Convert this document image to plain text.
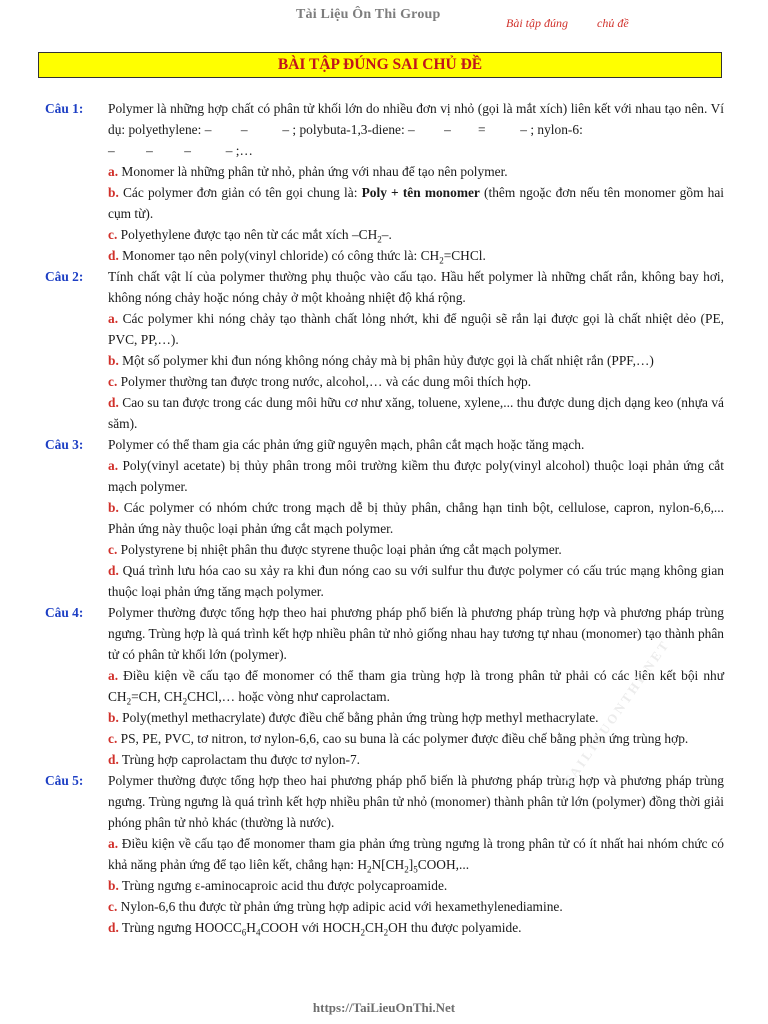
Tài Liệu Ôn Thi Group
Bài tập đúng chủ đề
BÀI TẬP ĐÚNG SAI CHỦ ĐỀ
Câu 1: Polymer là những hợp chất có phân tử khối lớn do nhiều đơn vị nhỏ (gọi là mắt xích) liên kết với nhau tạo nên. Ví dụ: polyethylene: –       –        – ; polybuta-1,3-diene: –       –      =        – ; nylon-6:
–       –       –        – ;…
a. Monomer là những phân tử nhỏ, phản ứng với nhau để tạo nên polymer.
b. Các polymer đơn giản có tên gọi chung là: Poly + tên monomer (thêm ngoặc đơn nếu tên monomer gồm hai cụm từ).
c. Polyethylene được tạo nên từ các mắt xích $-CH_2-$.
d. Monomer tạo nên poly(vinyl chloride) có công thức là: $CH_2=CHCl$.
Câu 2: Tính chất vật lí của polymer thường phụ thuộc vào cấu tạo. Hầu hết polymer là những chất rắn, không bay hơi, không nóng chảy hoặc nóng chảy ở một khoảng nhiệt độ khá rộng.
a. Các polymer khi nóng chảy tạo thành chất lỏng nhớt, khi để nguội sẽ rắn lại được gọi là chất nhiệt dẻo (PE, PVC, PP,…).
b. Một số polymer khi đun nóng không nóng chảy mà bị phân hủy được gọi là chất nhiệt rắn (PPF,…)
c. Polymer thường tan được trong nước, alcohol,… và các dung môi thích hợp.
d. Cao su tan được trong các dung môi hữu cơ như xăng, toluene, xylene,... thu được dung dịch dạng keo (nhựa vá săm).
Câu 3: Polymer có thể tham gia các phản ứng giữ nguyên mạch, phân cắt mạch hoặc tăng mạch.
a. Poly(vinyl acetate) bị thủy phân trong môi trường kiềm thu được poly(vinyl alcohol) thuộc loại phản ứng cắt mạch polymer.
b. Các polymer có nhóm chức trong mạch dễ bị thủy phân, chẳng hạn tinh bột, cellulose, capron, nylon-6,6,... Phản ứng này thuộc loại phản ứng cắt mạch polymer.
c. Polystyrene bị nhiệt phân thu được styrene thuộc loại phản ứng cắt mạch polymer.
d. Quá trình lưu hóa cao su xảy ra khi đun nóng cao su với sulfur thu được polymer có cấu trúc mạng không gian thuộc loại phản ứng tăng mạch polymer.
Câu 4: Polymer thường được tổng hợp theo hai phương pháp phổ biến là phương pháp trùng hợp và phương pháp trùng ngưng. Trùng hợp là quá trình kết hợp nhiều phân tử nhỏ giống nhau hay tương tự nhau (monomer) tạo thành phân tử có phân tử khối lớn (polymer).
a. Điều kiện về cấu tạo để monomer có thể tham gia trùng hợp là trong phân tử phải có các liên kết bội như $CH_2=CH$, $CH_2CHCl,\dots$ hoặc vòng như caprolactam.
b. Poly(methyl methacrylate) được điều chế bằng phản ứng trùng hợp methyl methacrylate.
c. PS, PE, PVC, tơ nitron, tơ nylon-6,6, cao su buna là các polymer được điều chế bằng phản ứng trùng hợp.
d. Trùng hợp caprolactam thu được tơ nylon-7.
Câu 5: Polymer thường được tổng hợp theo hai phương pháp phổ biến là phương pháp trùng hợp và phương pháp trùng ngưng. Trùng ngưng là quá trình kết hợp nhiều phân tử nhỏ (monomer) thành phân tử lớn (polymer) đồng thời giải phóng phân tử nhỏ khác (thường là nước).
a. Điều kiện về cấu tạo để monomer tham gia phản ứng trùng ngưng là trong phân tử có ít nhất hai nhóm chức có khả năng phản ứng để tạo liên kết, chẳng hạn: $H_2N[CH_2]_5COOH$,...
b. Trùng ngưng ε-aminocaproic acid thu được polycaproamide.
c. Nylon-6,6 thu được từ phản ứng trùng hợp adipic acid với hexamethylenediamine.
d. Trùng ngưng $HOOCC_6H_4COOH$ với $HOCH_2CH_2OH$ thu được polyamide.
TAILIEUONTHI.NET
https://TaiLieuOnThi.Net
